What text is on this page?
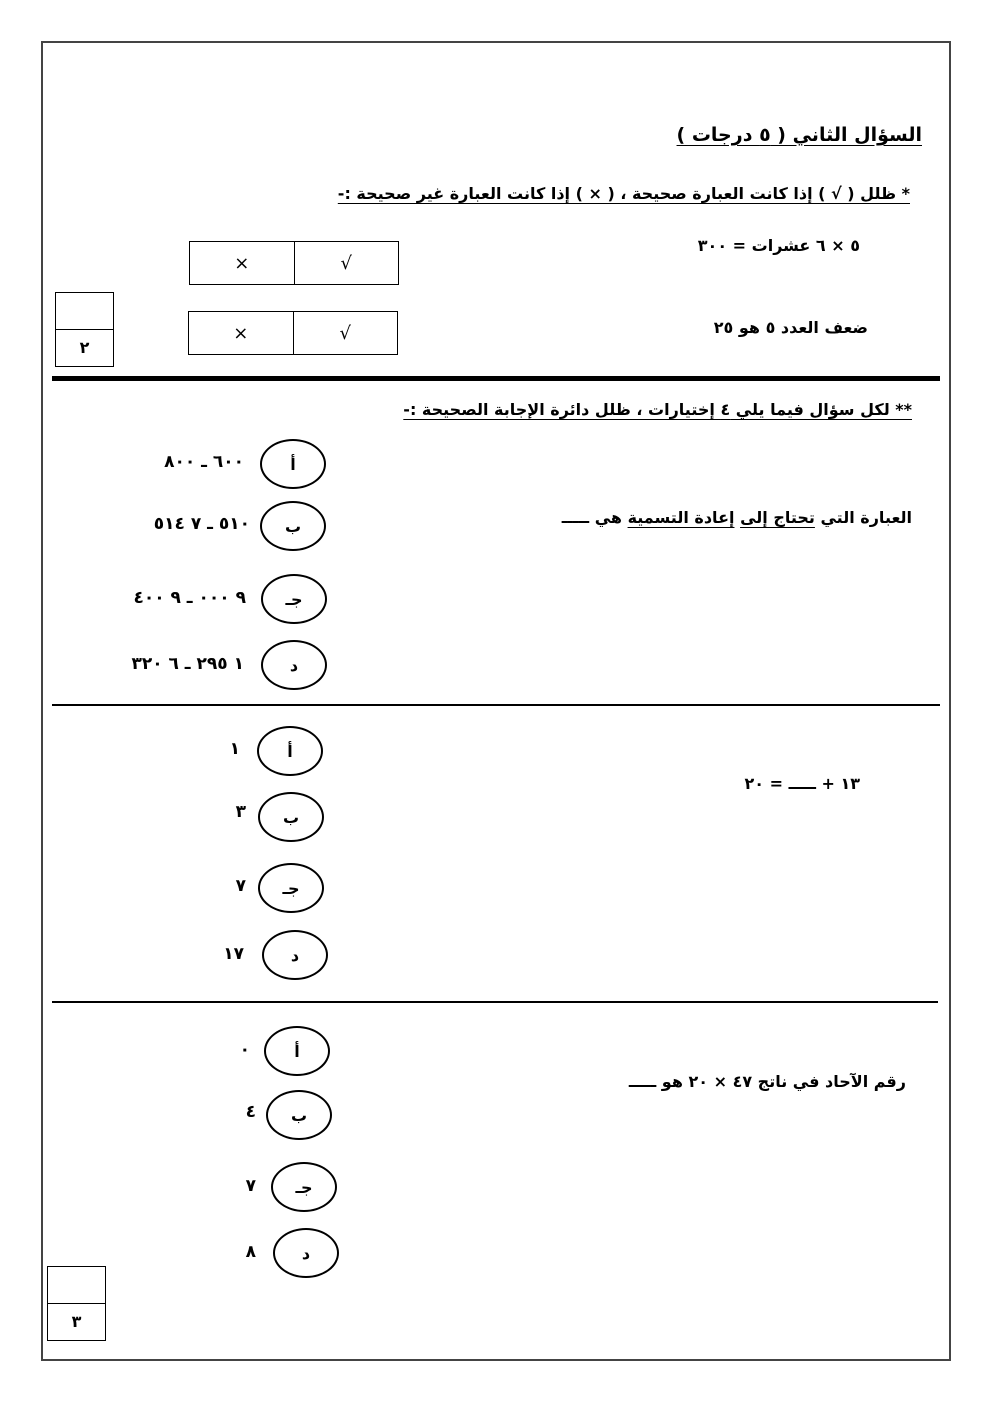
السؤال الثاني ( ٥ درجات )
* ظلل ( √ ) إذا كانت العبارة صحيحة ، ( × ) إذا كانت العبارة غير صحيحة :-
٥ × ٦ عشرات = ٣٠٠
×	√
ضعف العدد ٥ هو ٢٥
×	√
٢
** لكل سؤال فيما يلي ٤ إختيارات ، ظلل دائرة الإجابة الصحيحة :-
العبارة التي تحتاج إلى إعادة التسمية هي ـــــ
أ
٦٠٠ ـ ٨٠٠
ب
٥١٠ ـ ٧ ٥١٤
جـ
٩ ٠٠٠ ـ ٩ ٤٠٠
د
١ ٢٩٥ ـ ٦ ٣٢٠
١٣ + ـــــ = ٢٠
أ
١
ب
٣
جـ
٧
د
١٧
رقم الآحاد في ناتج ٤٧ × ٢٠ هو ـــــ
أ
٠
ب
٤
جـ
٧
د
٨
٣
